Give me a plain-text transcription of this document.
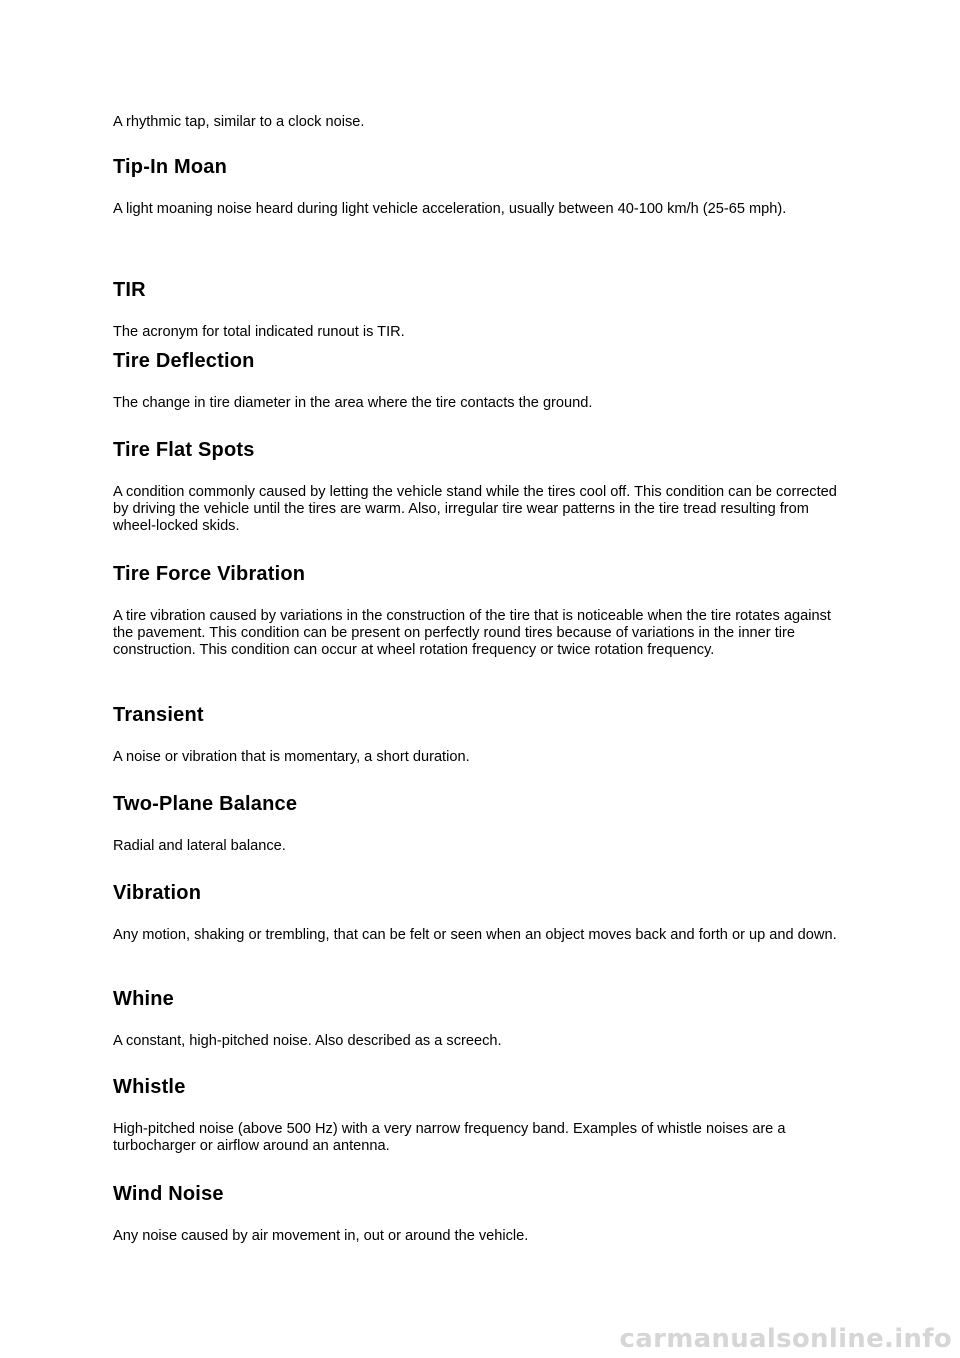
A rhythmic tap, similar to a clock noise.

Tip-In Moan

A light moaning noise heard during light vehicle acceleration, usually between 40-100 km/h (25-65 mph).

TIR

The acronym for total indicated runout is TIR.

Tire Deflection

The change in tire diameter in the area where the tire contacts the ground.

Tire Flat Spots

A condition commonly caused by letting the vehicle stand while the tires cool off. This condition can be corrected by driving the vehicle until the tires are warm. Also, irregular tire wear patterns in the tire tread resulting from wheel-locked skids.

Tire Force Vibration

A tire vibration caused by variations in the construction of the tire that is noticeable when the tire rotates against the pavement. This condition can be present on perfectly round tires because of variations in the inner tire construction. This condition can occur at wheel rotation frequency or twice rotation frequency.

Transient

A noise or vibration that is momentary, a short duration.

Two-Plane Balance

Radial and lateral balance.

Vibration

Any motion, shaking or trembling, that can be felt or seen when an object moves back and forth or up and down.

Whine

A constant, high-pitched noise. Also described as a screech.

Whistle

High-pitched noise (above 500 Hz) with a very narrow frequency band. Examples of whistle noises are a turbocharger or airflow around an antenna.

Wind Noise

Any noise caused by air movement in, out or around the vehicle.

carmanualsonline.info
